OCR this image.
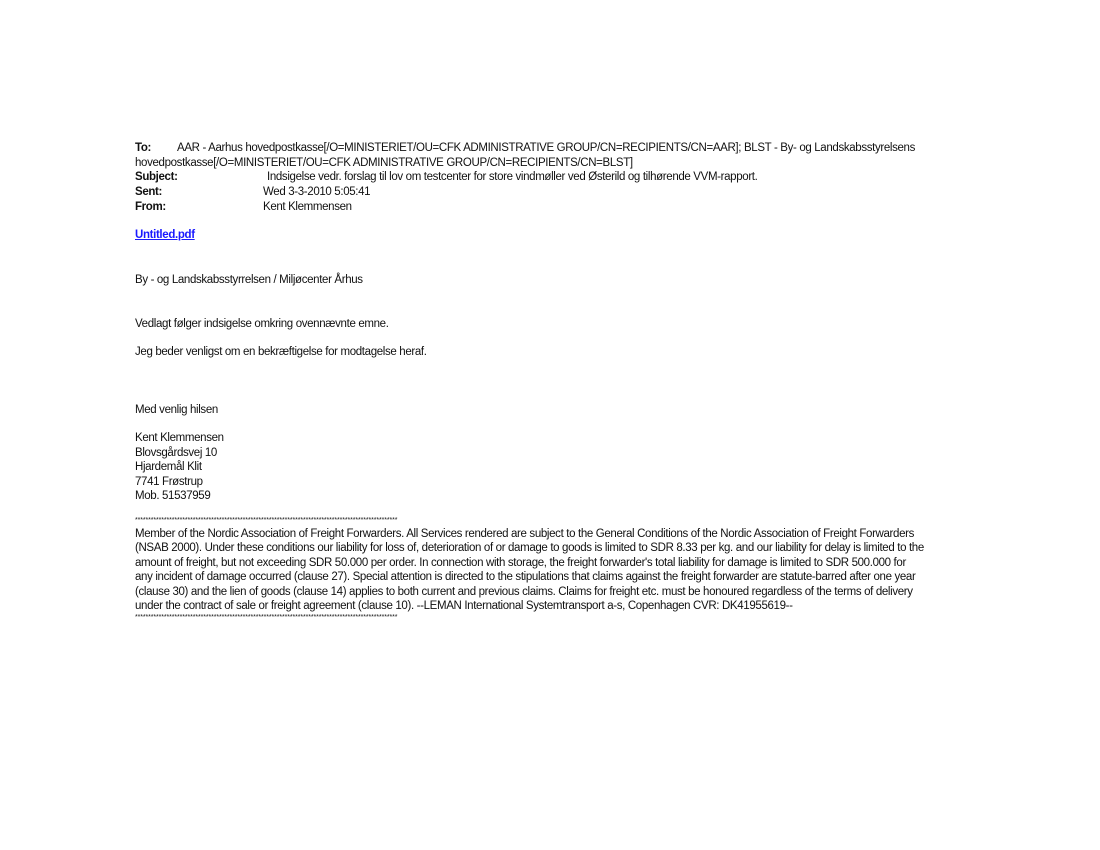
To: AAR - Aarhus hovedpostkasse[/O=MINISTERIET/OU=CFK ADMINISTRATIVE GROUP/CN=RECIPIENTS/CN=AAR]; BLST - By- og Landskabsstyrelsens hovedpostkasse[/O=MINISTERIET/OU=CFK ADMINISTRATIVE GROUP/CN=RECIPIENTS/CN=BLST]

Subject:	Indsigelse vedr. forslag til lov om testcenter for store vindmøller ved Østerild og tilhørende VVM-rapport.
Sent:	Wed 3-3-2010 5:05:41
From:	Kent Klemmensen
Untitled.pdf

By - og Landskabsstyrrelsen / Miljøcenter Århus

Vedlagt følger indsigelse omkring ovennævnte emne.

Jeg beder venligst om en bekræftigelse for modtagelse heraf.

Med venlig hilsen

Kent Klemmensen
Blovsgårdsvej 10
Hjardemål Klit
7741 Frøstrup
Mob. 51537959
****************************************************************************************************

Member of the Nordic Association of Freight Forwarders. All Services rendered are subject to the General Conditions of the Nordic Association of Freight Forwarders (NSAB 2000). Under these conditions our liability for loss of, deterioration of or damage to goods is limited to SDR 8.33 per kg. and our liability for delay is limited to the amount of freight, but not exceeding SDR 50.000 per order. In connection with storage, the freight forwarder's total liability for damage is limited to SDR 500.000 for any incident of damage occurred (clause 27). Special attention is directed to the stipulations that claims against the freight forwarder are statute-barred after one year (clause 30) and the lien of goods (clause 14) applies to both current and previous claims. Claims for freight etc. must be honoured regardless of the terms of delivery under the contract of sale or freight agreement (clause 10). --LEMAN International Systemtransport a-s, Copenhagen CVR: DK41955619--

****************************************************************************************************
